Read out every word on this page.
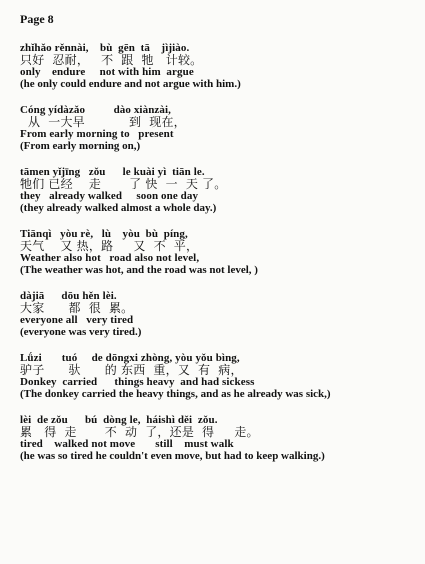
Page 8
zhǐhǎo rěnnài,    bù  gēn  tā    jìjiào.
只好  忍耐，   不  跟  牠   计较。
only    endure     not with him  argue
(he only could endure and not argue with him.)
Cóng yídàzǎo          dào xiànzài,
从  一大早           到  现在，
From early morning to   present
(From early morning on,)
tāmen yǐjīng   zǒu      le kuài yì  tiān le.
牠们 已经    走       了 快  一  天 了。
they   already walked     soon one day
(they already walked almost a whole day.)
Tiānqì   yòu rè,   lù    yòu  bù  píng,
天气    又 热，路     又  不  平，
Weather also hot   road also not level,
(The weather was hot, and the road was not level, )
dàjiā      dōu hěn lèi.
大家      都  很  累。
everyone all   very tired
(everyone was very tired.)
Lǘzi       tuó     de dōngxi zhòng, yòu yǒu bìng,
驴子      驮      的 东西  重，又  有  病，
Donkey  carried      things heavy  and had sickess
(The donkey carried the heavy things, and as he already was sick,)
lèi  de zǒu      bú  dòng le,  háishì děi  zǒu.
累   得  走       不  动  了，还是  得     走。
tired    walked not move       still    must walk
(he was so tired he couldn't even move, but had to keep walking.)
